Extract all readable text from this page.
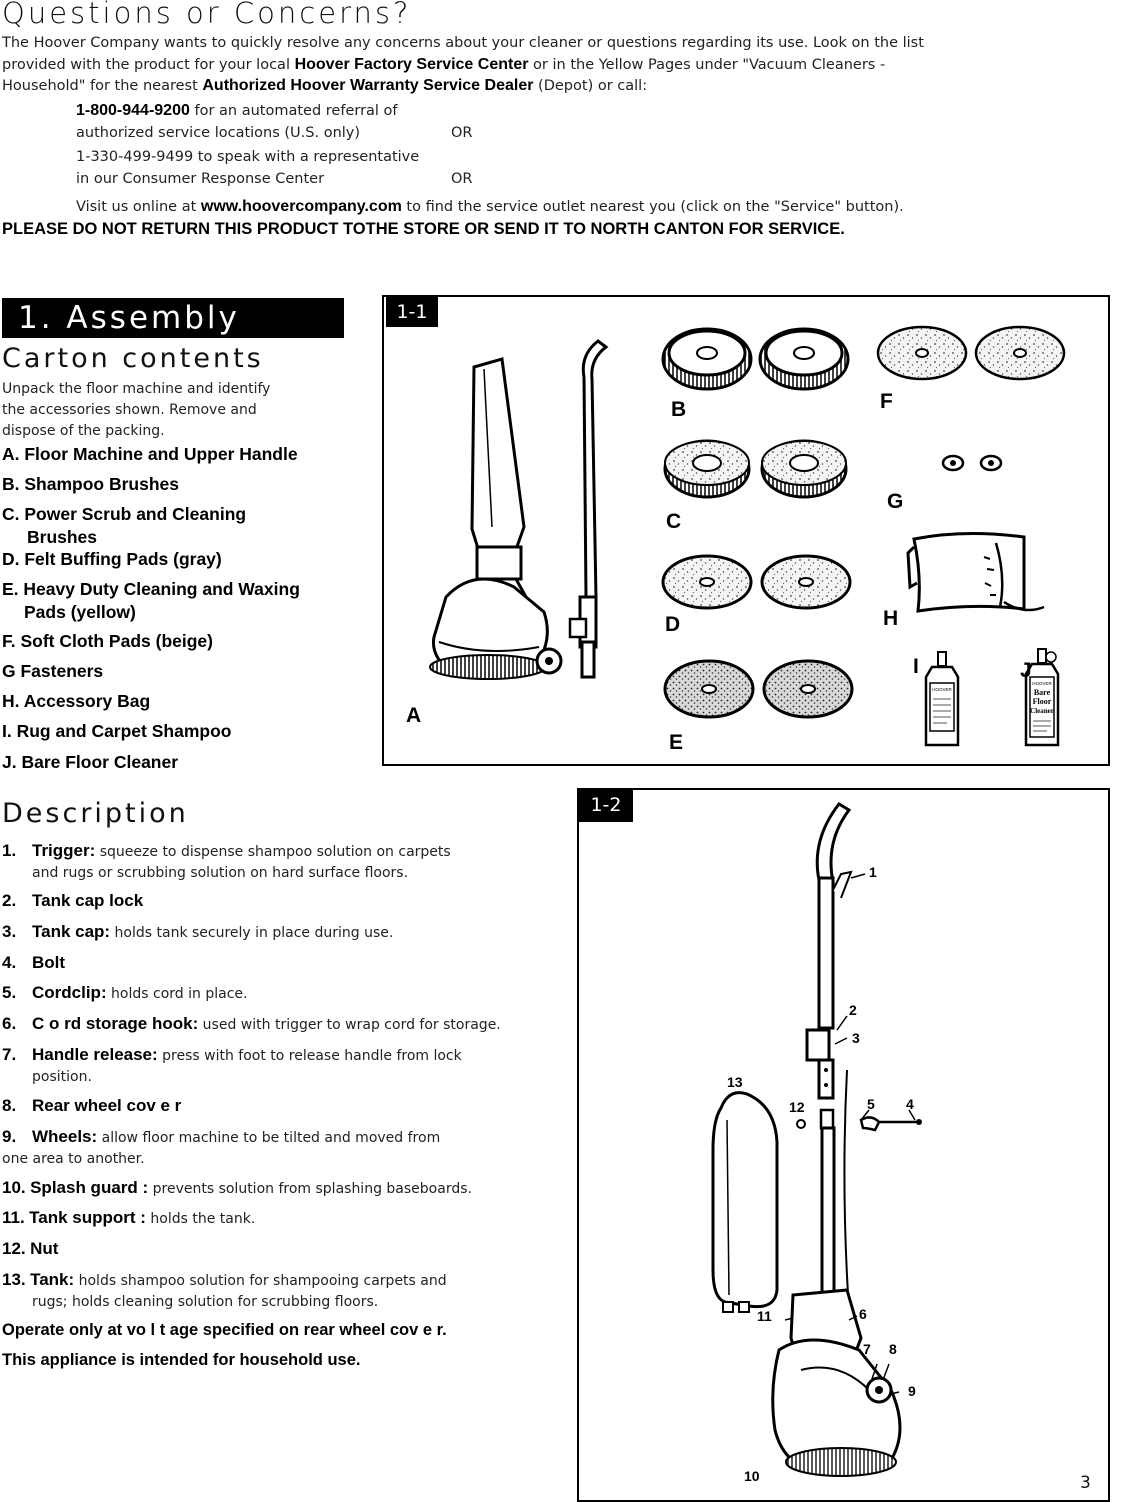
Questions or Concerns?
The Hoover Company wants to quickly resolve any concerns about your cleaner or questions regarding its use. Look on the list
provided with the product for your local Hoover Factory Service Center or in the Yellow Pages under "Vacuum Cleaners -
Household" for the nearest Authorized Hoover Warranty Service Dealer (Depot) or call:
1-800-944-9200 for an automated referral of
authorized service locations (U.S. only)	OR
1-330-499-9499 to speak with a representative
in our Consumer Response Center	OR
Visit us online at www.hoovercompany.com to find the service outlet nearest you (click on the "Service" button).
PLEASE DO NOT RETURN THIS PRODUCT TOTHE STORE OR SEND IT TO NORTH CANTON FOR SERVICE.
1. Assembly
Carton contents
Unpack the floor machine and identify
the accessories shown. Remove and
dispose of the packing.
A. Floor Machine and Upper Handle
B. Shampoo Brushes
C. Power Scrub and Cleaning
Brushes
D. Felt Buffing Pads (gray)
E. Heavy Duty Cleaning and Waxing
Pads (yellow)
F. Soft Cloth Pads (beige)
G Fasteners
H. Accessory Bag
I. Rug and Carpet Shampoo
J. Bare Floor Cleaner
1-1
HOOVER
HOOVER
Bare
Floor
Cleaner
A
B
C
D
E
F
G
H
I	J
Description
1. Trigger: squeeze to dispense shampoo solution on carpets
and rugs or scrubbing solution on hard surface floors.
2. Tank cap lock
3. Tank cap: holds tank securely in place during use.
4. Bolt
5. Cordclip: holds cord in place.
6. C o rd storage hook: used with trigger to wrap cord for storage.
7. Handle release: press with foot to release handle from lock
position.
8. Rear wheel cov e r
9. Wheels: allow floor machine to be tilted and moved from
one area to another.
10. Splash guard : prevents solution from splashing baseboards.
11. Tank support : holds the tank.
12. Nut
13. Tank: holds shampoo solution for shampooing carpets and
rugs; holds cleaning solution for scrubbing floors.
Operate only at vo l t age specified on rear wheel cov e r.
This appliance is intended for household use.
1-2
1
2
3
4
5
6
7 8
9
10
11
12
13
3
